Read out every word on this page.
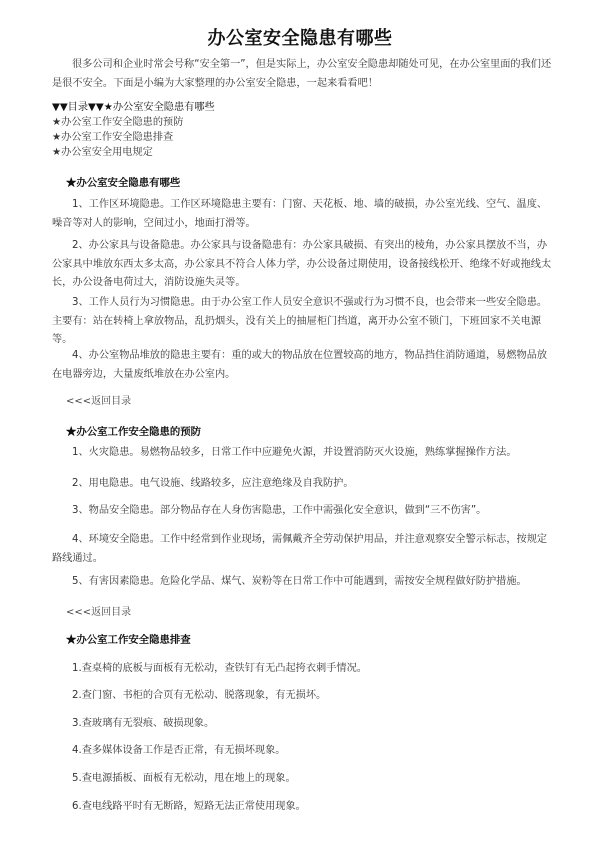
办公室安全隐患有哪些

很多公司和企业时常会号称“安全第一”，但是实际上，办公室安全隐患却随处可见，在办公室里面的我们还是很不安全。下面是小编为大家整理的办公室安全隐患，一起来看看吧！

▼▼目录▼▼★办公室安全隐患有哪些
★办公室工作安全隐患的预防
★办公室工作安全隐患排查
★办公室安全用电规定
★办公室安全隐患有哪些

1、工作区环境隐患。工作区环境隐患主要有：门窗、天花板、地、墙的破损，办公室光线、空气、温度、噪音等对人的影响，空间过小，地面打滑等。

2、办公家具与设备隐患。办公家具与设备隐患有：办公家具破损、有突出的棱角，办公家具摆放不当，办公家具中堆放东西太多太高，办公家具不符合人体力学，办公设备过期使用，设备接线松开、绝缘不好或拖线太长，办公设备电荷过大，消防设施失灵等。

3、工作人员行为习惯隐患。由于办公室工作人员安全意识不强或行为习惯不良，也会带来一些安全隐患。主要有：站在转椅上拿放物品，乱扔烟头，没有关上的抽屉柜门挡道，离开办公室不锁门，下班回家不关电源等。

4、办公室物品堆放的隐患主要有：重的或大的物品放在位置较高的地方，物品挡住消防通道，易燃物品放在电器旁边，大量废纸堆放在办公室内。

<<<返回目录
★办公室工作安全隐患的预防

1、火灾隐患。易燃物品较多，日常工作中应避免火源，并设置消防灭火设施，熟练掌握操作方法。

2、用电隐患。电气设施、线路较多，应注意绝缘及自我防护。

3、物品安全隐患。部分物品存在人身伤害隐患，工作中需强化安全意识，做到“三不伤害”。

4、环境安全隐患。工作中经常到作业现场，需佩戴齐全劳动保护用品，并注意观察安全警示标志，按规定路线通过。

5、有害因素隐患。危险化学品、煤气、炭粉等在日常工作中可能遇到，需按安全规程做好防护措施。

<<<返回目录
★办公室工作安全隐患排查
1.查桌椅的底板与面板有无松动，查铁钉有无凸起挎衣刺手情况。
2.查门窗、书柜的合页有无松动、脱落现象，有无损坏。
3.查玻璃有无裂痕、破损现象。
4.查多媒体设备工作是否正常，有无损坏现象。
5.查电源插板、面板有无松动，甩在地上的现象。
6.查电线路平时有无断路，短路无法正常使用现象。
